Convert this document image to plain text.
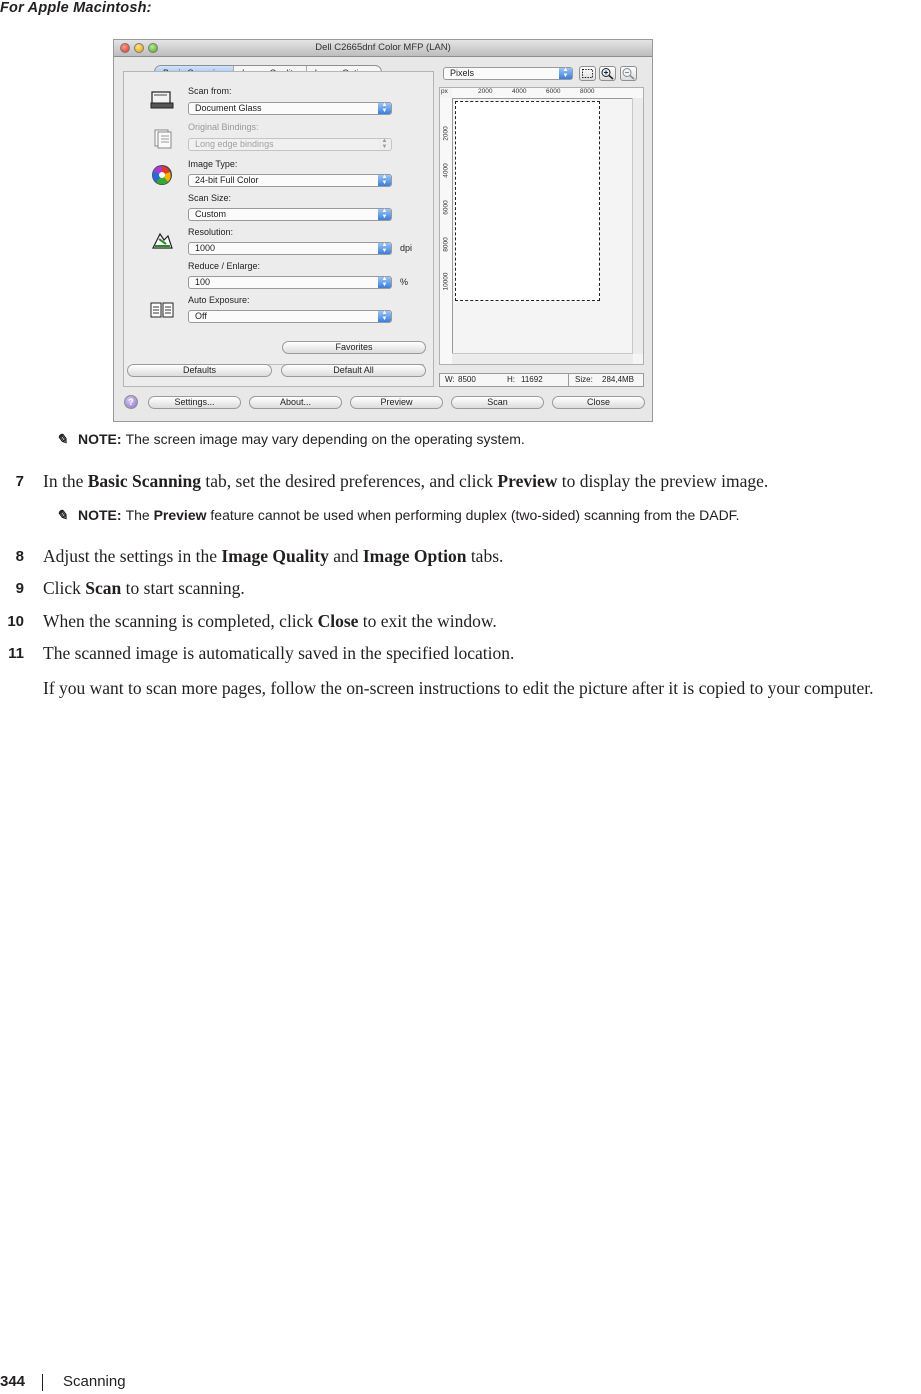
For Apple Macintosh:
Dell C2665dnf Color MFP (LAN)
Scan from:
Document Glass	▲
▼
Original Bindings:
Long edge bindings	▲
▼
Image Type:
24-bit Full Color	▲
▼
Scan Size:
Custom	▲
▼
Resolution:
1000	▲
▼	dpi
Reduce / Enlarge:
100	▲
▼	%
Auto Exposure:
Off	▲
▼
Favorites
Defaults	Default All
Pixels	▲
▼
2000	4000	6000	8000
2000
4000
6000
8000
10000
px
W: 8500	H: 11692	Size: 284,4MB
?	Settings...	About...	Preview	Scan	Close
✎ NOTE: The screen image may vary depending on the operating system.
7 In the Basic Scanning tab, set the desired preferences, and click Preview to display the preview image.
✎ NOTE: The Preview feature cannot be used when performing duplex (two-sided) scanning from the DADF.
8 Adjust the settings in the Image Quality and Image Option tabs.
9 Click Scan to start scanning.
10 When the scanning is completed, click Close to exit the window.
11 The scanned image is automatically saved in the specified location.
If you want to scan more pages, follow the on-screen instructions to edit the picture after it is copied to your computer.
344	Scanning
